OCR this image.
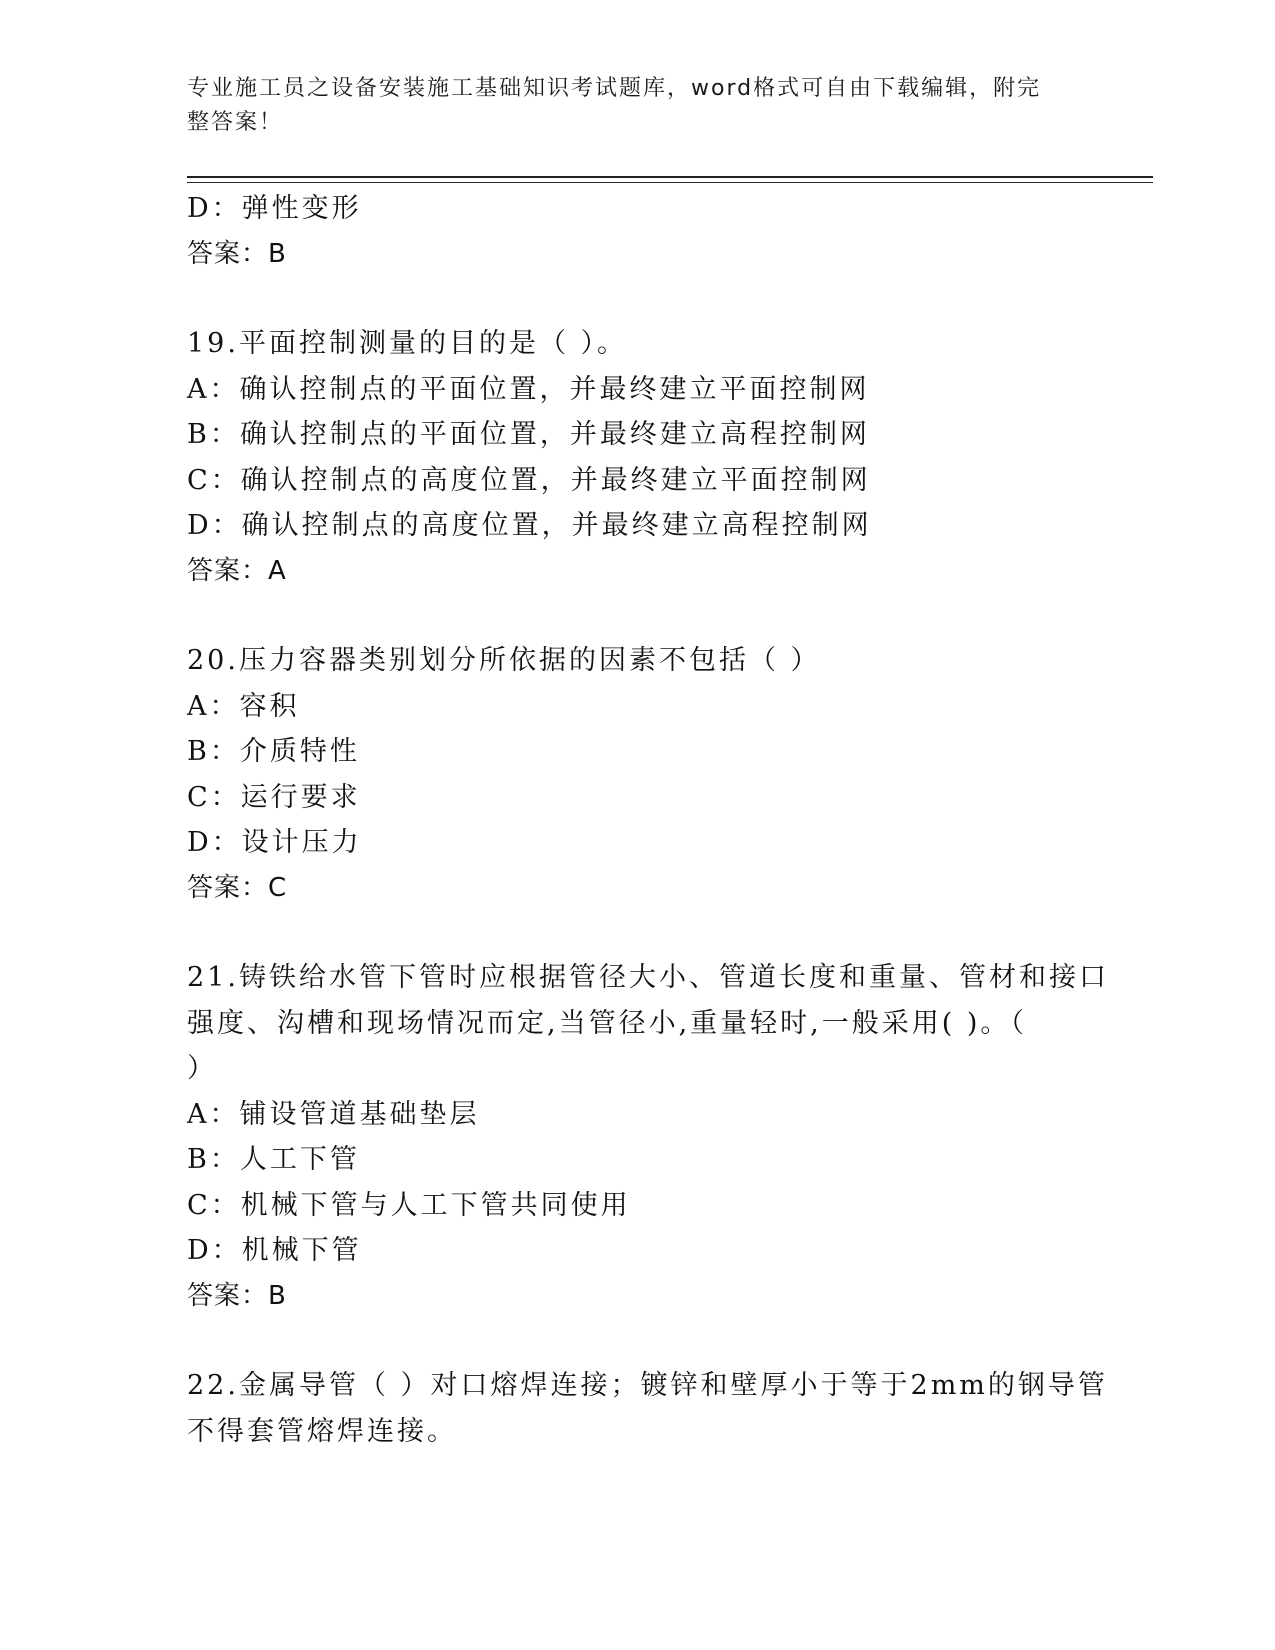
专业施工员之设备安装施工基础知识考试题库，word格式可自由下载编辑，附完
整答案！
D：弹性变形
答案：B
19.平面控制测量的目的是（ ）。
A：确认控制点的平面位置，并最终建立平面控制网
B：确认控制点的平面位置，并最终建立高程控制网
C：确认控制点的高度位置，并最终建立平面控制网
D：确认控制点的高度位置，并最终建立高程控制网
答案：A
20.压力容器类别划分所依据的因素不包括（ ）
A：容积
B：介质特性
C：运行要求
D：设计压力
答案：C
21.铸铁给水管下管时应根据管径大小、管道长度和重量、管材和接口
强度、沟槽和现场情况而定,当管径小,重量轻时,一般采用( )。（
）
A：铺设管道基础垫层
B：人工下管
C：机械下管与人工下管共同使用
D：机械下管
答案：B
22.金属导管（ ）对口熔焊连接；镀锌和壁厚小于等于2mm的钢导管
不得套管熔焊连接。
